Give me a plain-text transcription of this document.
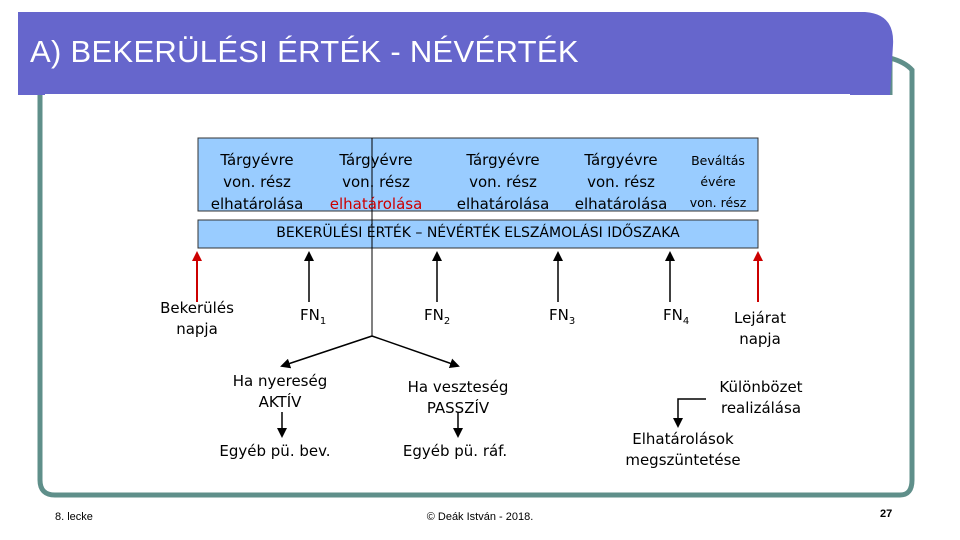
A) BEKERÜLÉSI ÉRTÉK - NÉVÉRTÉK
Tárgyévre
von. rész
elhatárolása
Tárgyévre
von. rész
elhatárolása
Tárgyévre
von. rész
elhatárolása
Tárgyévre
von. rész
elhatárolása
Beváltás
évére
von. rész
BEKERÜLÉSI ÉRTÉK – NÉVÉRTÉK ELSZÁMOLÁSI IDŐSZAKA
Bekerülés
napja
$FN_1$	$FN_2$	$FN_3$	$FN_4$	Lejárat
napja
Ha nyereség
AKTÍV
Ha veszteség
PASSZÍV
Különbözet
realizálása
Egyéb pü. bev.	Egyéb pü. ráf.
Elhatárolások
megszüntetése
8. lecke	© Deák István - 2018.	27
